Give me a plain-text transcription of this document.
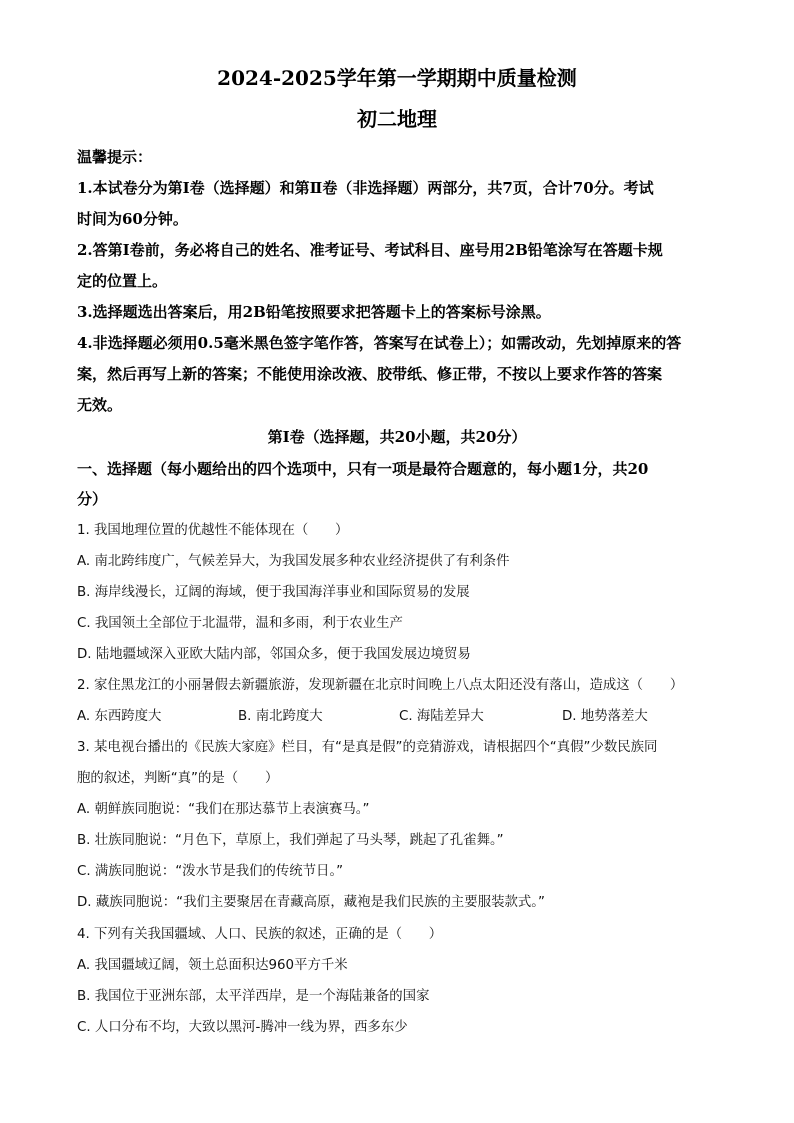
2024-2025学年第一学期期中质量检测
初二地理
温馨提示：
1.本试卷分为第Ⅰ卷（选择题）和第Ⅱ卷（非选择题）两部分，共7页，合计70分。考试
时间为60分钟。
2.答第Ⅰ卷前，务必将自己的姓名、准考证号、考试科目、座号用2B铅笔涂写在答题卡规
定的位置上。
3.选择题选出答案后，用2B铅笔按照要求把答题卡上的答案标号涂黑。
4.非选择题必须用0.5毫米黑色签字笔作答，答案写在试卷上）；如需改动，先划掉原来的答
案，然后再写上新的答案；不能使用涂改液、胶带纸、修正带，不按以上要求作答的答案
无效。
第Ⅰ卷（选择题，共20小题，共20分）
一、选择题（每小题给出的四个选项中，只有一项是最符合题意的，每小题1分，共20
分）
1. 我国地理位置的优越性不能体现在（　　）
A. 南北跨纬度广，气候差异大，为我国发展多种农业经济提供了有利条件
B. 海岸线漫长，辽阔的海域，便于我国海洋事业和国际贸易的发展
C. 我国领土全部位于北温带，温和多雨，利于农业生产
D. 陆地疆域深入亚欧大陆内部，邻国众多，便于我国发展边境贸易
2. 家住黑龙江的小丽暑假去新疆旅游，发现新疆在北京时间晚上八点太阳还没有落山，造成这（　　）
A. 东西跨度大	B. 南北跨度大	C. 海陆差异大	D. 地势落差大
3. 某电视台播出的《民族大家庭》栏目，有“是真是假”的竞猜游戏，请根据四个“真假”少数民族同
胞的叙述，判断“真”的是（　　）
A. 朝鲜族同胞说：“我们在那达慕节上表演赛马。”
B. 壮族同胞说：“月色下，草原上，我们弹起了马头琴，跳起了孔雀舞。”
C. 满族同胞说：“泼水节是我们的传统节日。”
D. 藏族同胞说：“我们主要聚居在青藏高原，藏袍是我们民族的主要服装款式。”
4. 下列有关我国疆域、人口、民族的叙述，正确的是（　　）
A. 我国疆域辽阔，领土总面积达960平方千米
B. 我国位于亚洲东部，太平洋西岸，是一个海陆兼备的国家
C. 人口分布不均，大致以黑河-腾冲一线为界，西多东少
